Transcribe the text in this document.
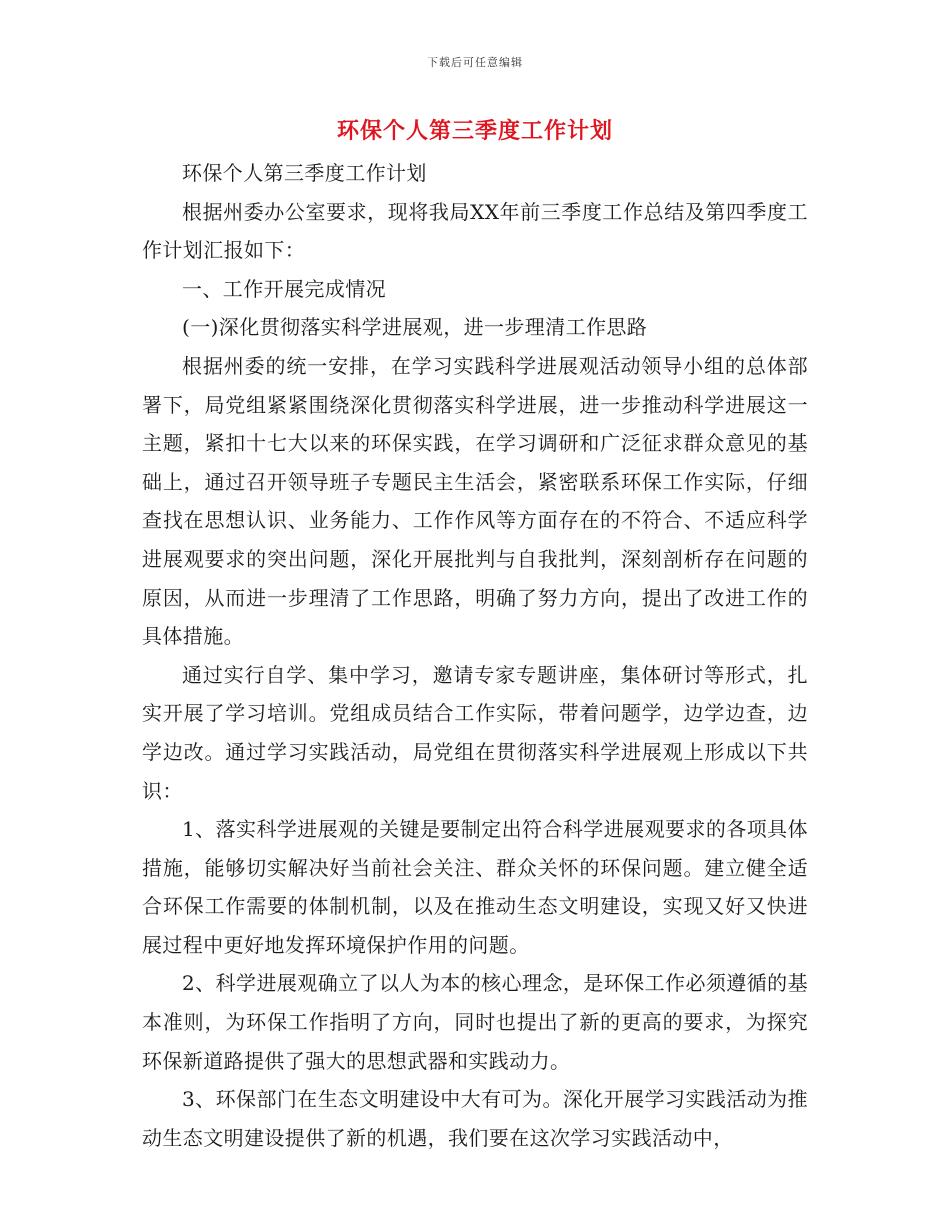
下载后可任意编辑
环保个人第三季度工作计划

环保个人第三季度工作计划

根据州委办公室要求，现将我局XX年前三季度工作总结及第四季度工作计划汇报如下：

一、工作开展完成情况

(一)深化贯彻落实科学进展观，进一步理清工作思路

根据州委的统一安排，在学习实践科学进展观活动领导小组的总体部署下，局党组紧紧围绕深化贯彻落实科学进展，进一步推动科学进展这一主题，紧扣十七大以来的环保实践，在学习调研和广泛征求群众意见的基础上，通过召开领导班子专题民主生活会，紧密联系环保工作实际，仔细查找在思想认识、业务能力、工作作风等方面存在的不符合、不适应科学进展观要求的突出问题，深化开展批判与自我批判，深刻剖析存在问题的原因，从而进一步理清了工作思路，明确了努力方向，提出了改进工作的具体措施。

通过实行自学、集中学习，邀请专家专题讲座，集体研讨等形式，扎实开展了学习培训。党组成员结合工作实际，带着问题学，边学边查，边学边改。通过学习实践活动，局党组在贯彻落实科学进展观上形成以下共识：

1、落实科学进展观的关键是要制定出符合科学进展观要求的各项具体措施，能够切实解决好当前社会关注、群众关怀的环保问题。建立健全适合环保工作需要的体制机制，以及在推动生态文明建设，实现又好又快进展过程中更好地发挥环境保护作用的问题。

2、科学进展观确立了以人为本的核心理念，是环保工作必须遵循的基本准则，为环保工作指明了方向，同时也提出了新的更高的要求，为探究环保新道路提供了强大的思想武器和实践动力。

3、环保部门在生态文明建设中大有可为。深化开展学习实践活动为推动生态文明建设提供了新的机遇，我们要在这次学习实践活动中，
